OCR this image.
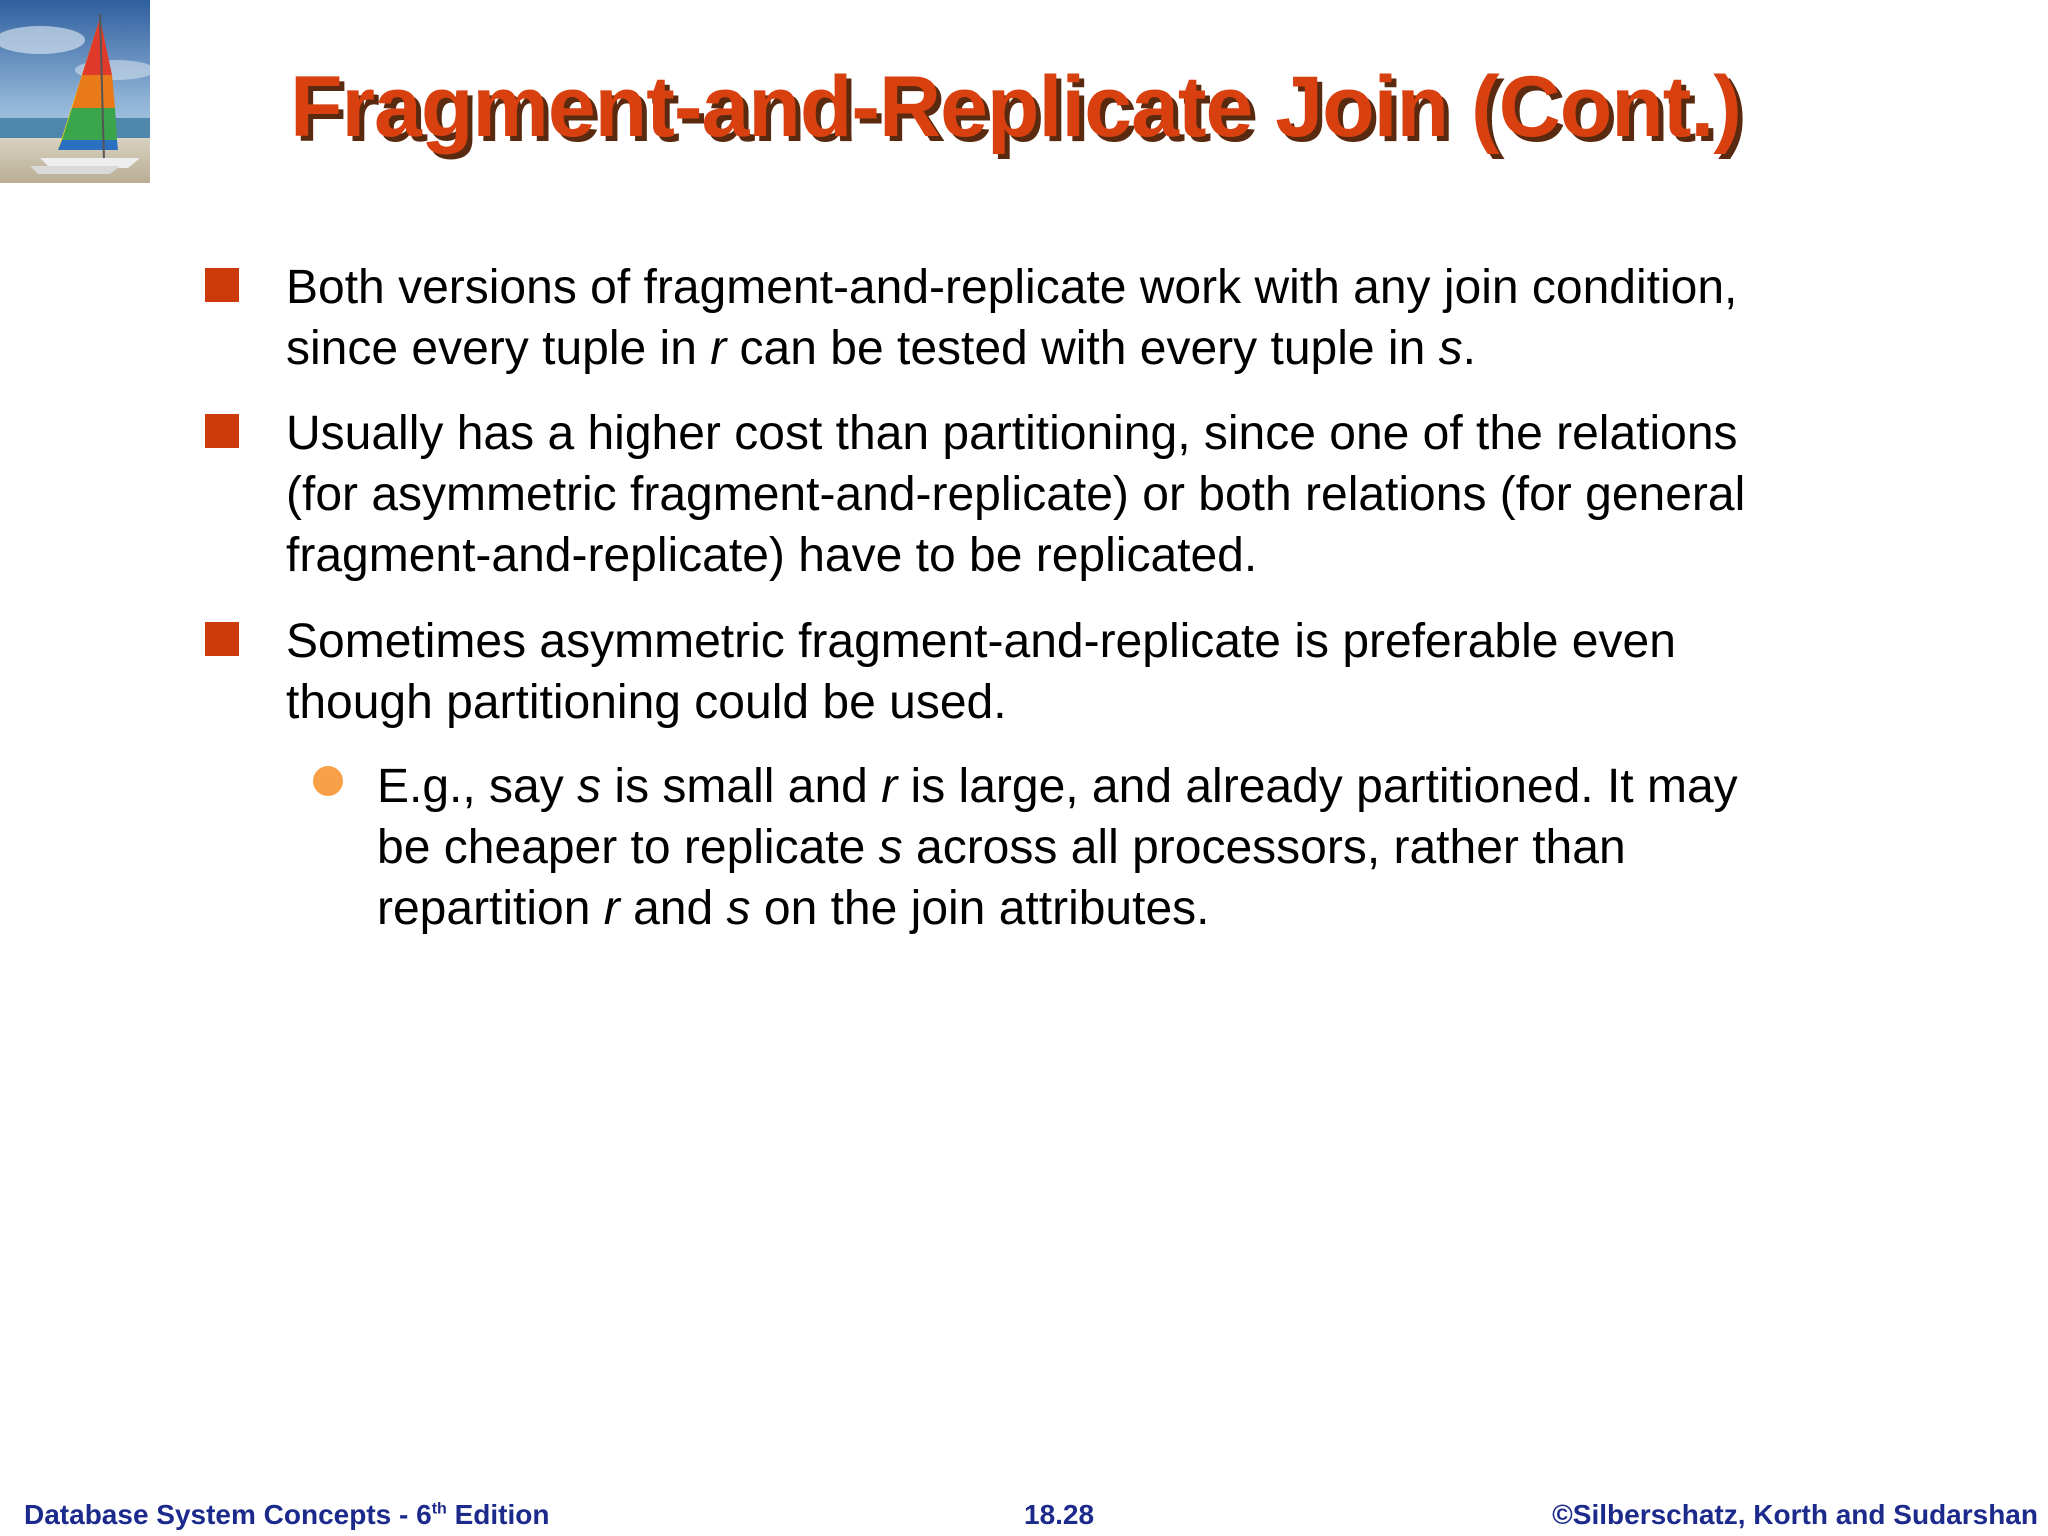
Fragment-and-Replicate Join (Cont.)
Both versions of fragment-and-replicate work with any join condition,
since every tuple in r can be tested with every tuple in s.
Usually has a higher cost than partitioning, since one of the relations
(for asymmetric fragment-and-replicate) or both relations (for general
fragment-and-replicate) have to be replicated.
Sometimes asymmetric fragment-and-replicate is preferable even
though partitioning could be used.
E.g., say s is small and r is large, and already partitioned. It may
be cheaper to replicate s across all processors, rather than
repartition r and s on the join attributes.
Database System Concepts - 6th Edition	18.28	©Silberschatz, Korth and Sudarshan
